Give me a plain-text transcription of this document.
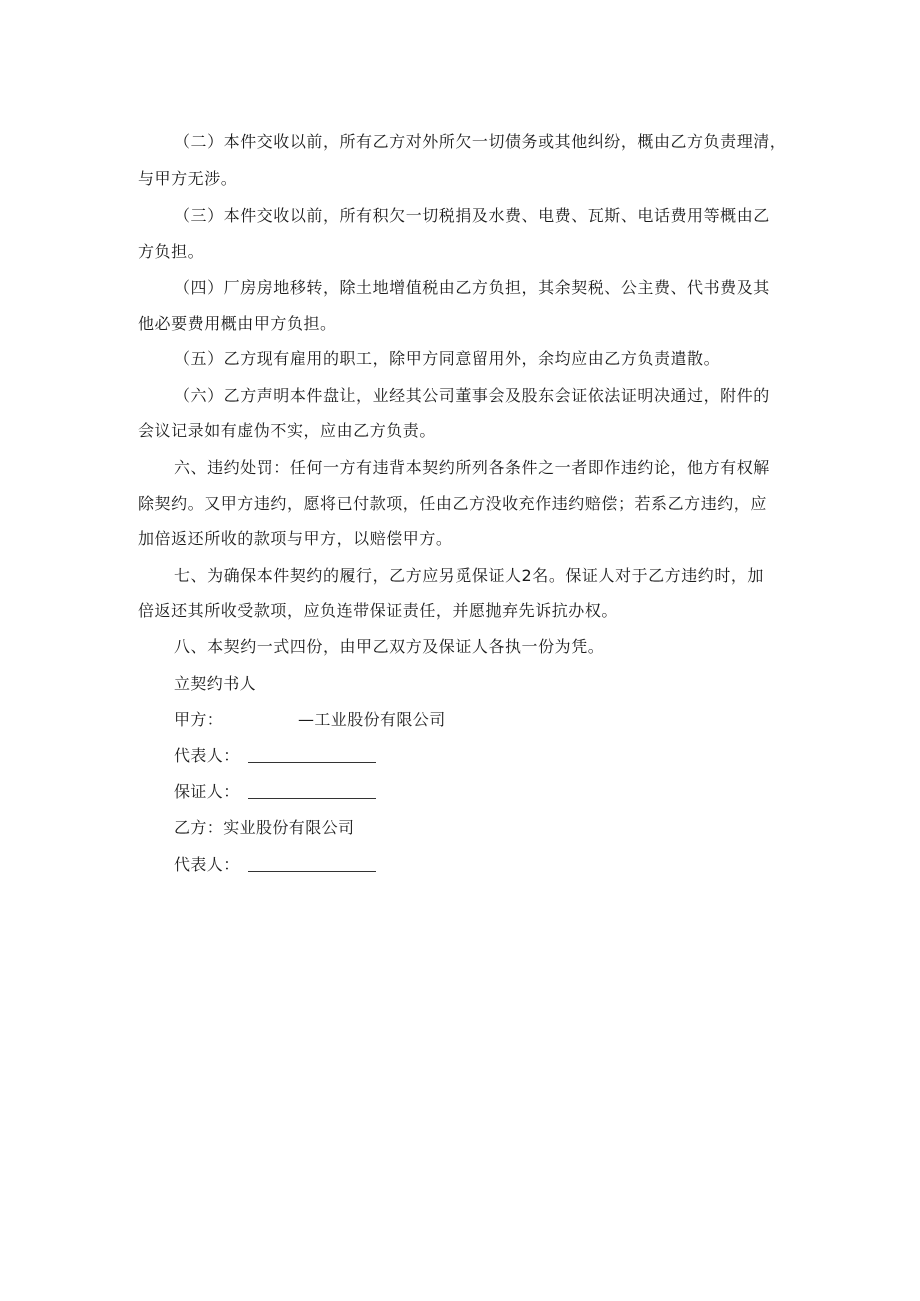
（二）本件交收以前，所有乙方对外所欠一切债务或其他纠纷，概由乙方负责理清，
与甲方无涉。
（三）本件交收以前，所有积欠一切税捐及水费、电费、瓦斯、电话费用等概由乙
方负担。
（四）厂房房地移转，除土地增值税由乙方负担，其余契税、公主费、代书费及其
他必要费用概由甲方负担。
（五）乙方现有雇用的职工，除甲方同意留用外，余均应由乙方负责遣散。
（六）乙方声明本件盘让，业经其公司董事会及股东会证依法证明决通过，附件的
会议记录如有虚伪不实，应由乙方负责。
六、违约处罚：任何一方有违背本契约所列各条件之一者即作违约论，他方有权解
除契约。又甲方违约，愿将已付款项，任由乙方没收充作违约赔偿；若系乙方违约，应
加倍返还所收的款项与甲方，以赔偿甲方。
七、为确保本件契约的履行，乙方应另觅保证人2名。保证人对于乙方违约时，加
倍返还其所收受款项，应负连带保证责任，并愿抛弃先诉抗办权。
八、本契约一式四份，由甲乙双方及保证人各执一份为凭。
立契约书人
甲方：	—工业股份有限公司
代表人：
保证人：
乙方：实业股份有限公司
代表人：
